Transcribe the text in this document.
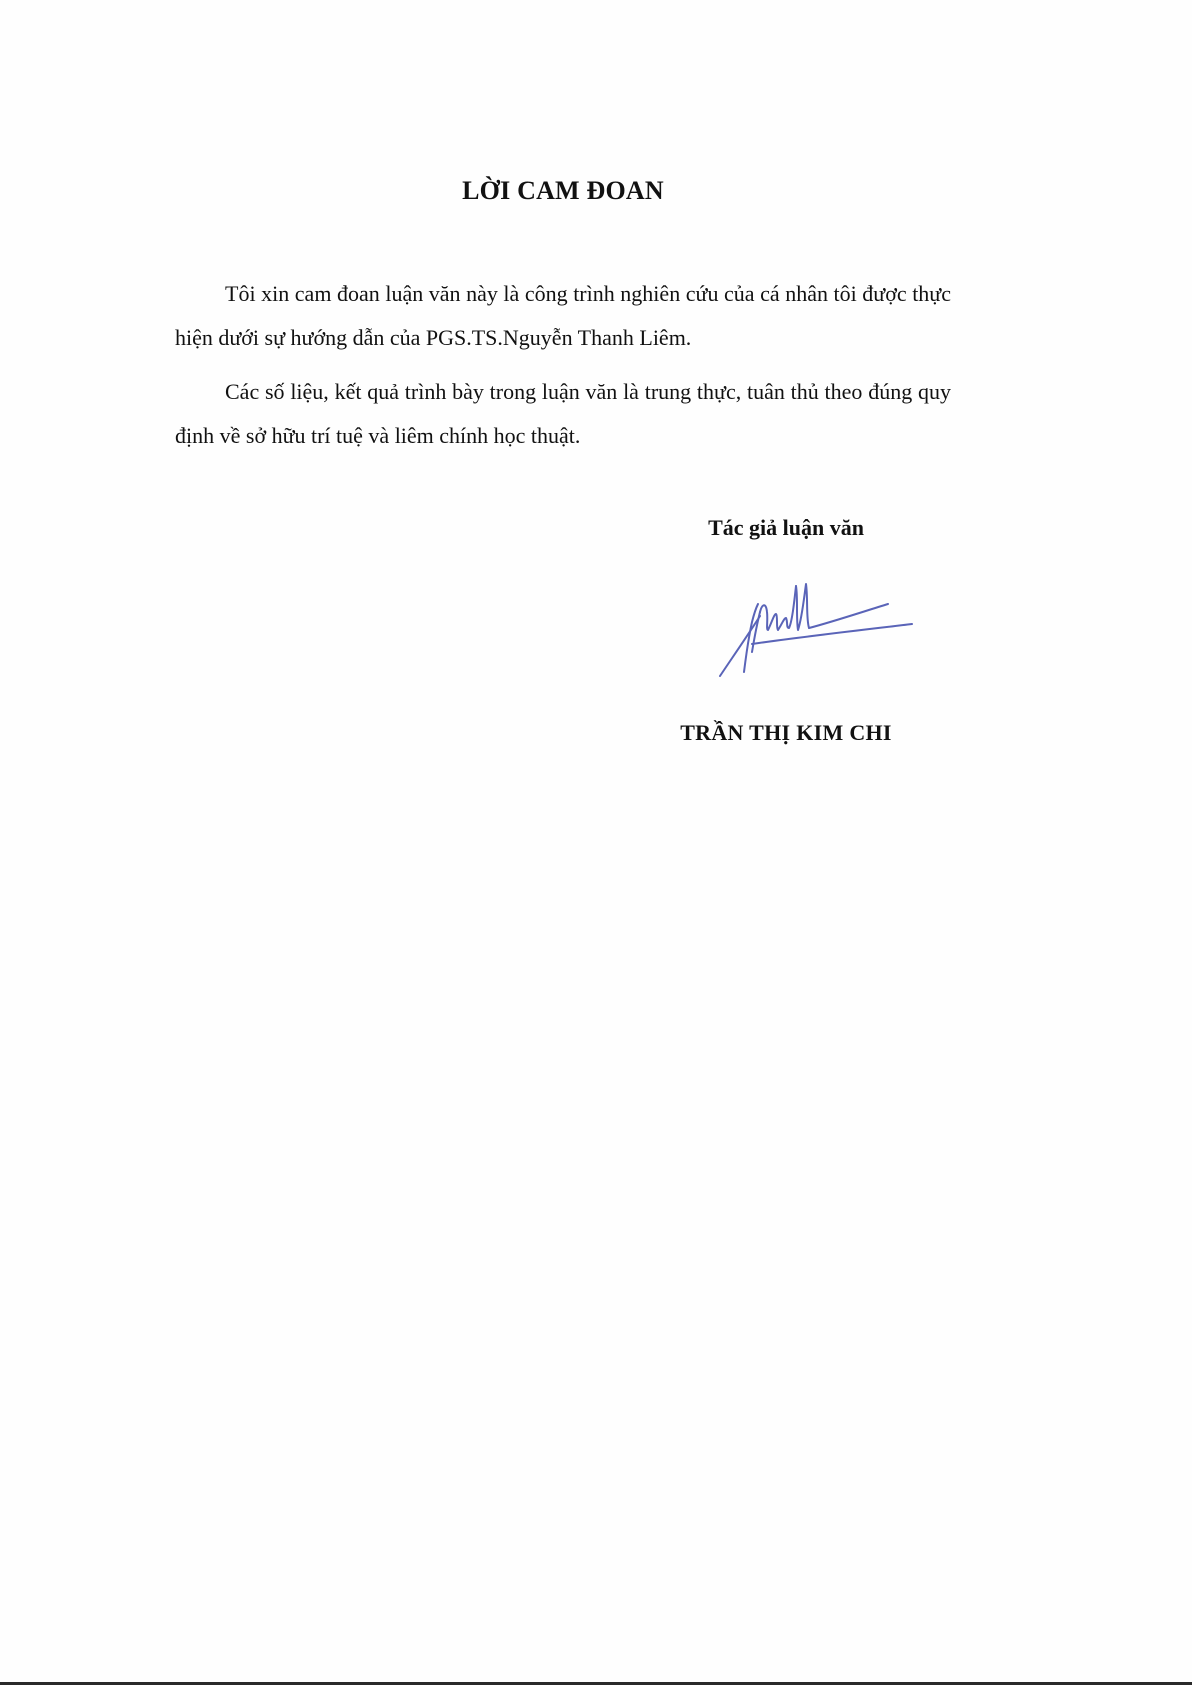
LỜI CAM ĐOAN

Tôi xin cam đoan luận văn này là công trình nghiên cứu của cá nhân tôi được thực hiện dưới sự hướng dẫn của PGS.TS.Nguyễn Thanh Liêm.

Các số liệu, kết quả trình bày trong luận văn là trung thực, tuân thủ theo đúng quy định về sở hữu trí tuệ và liêm chính học thuật.

Tác giả luận văn
TRẦN THỊ KIM CHI
